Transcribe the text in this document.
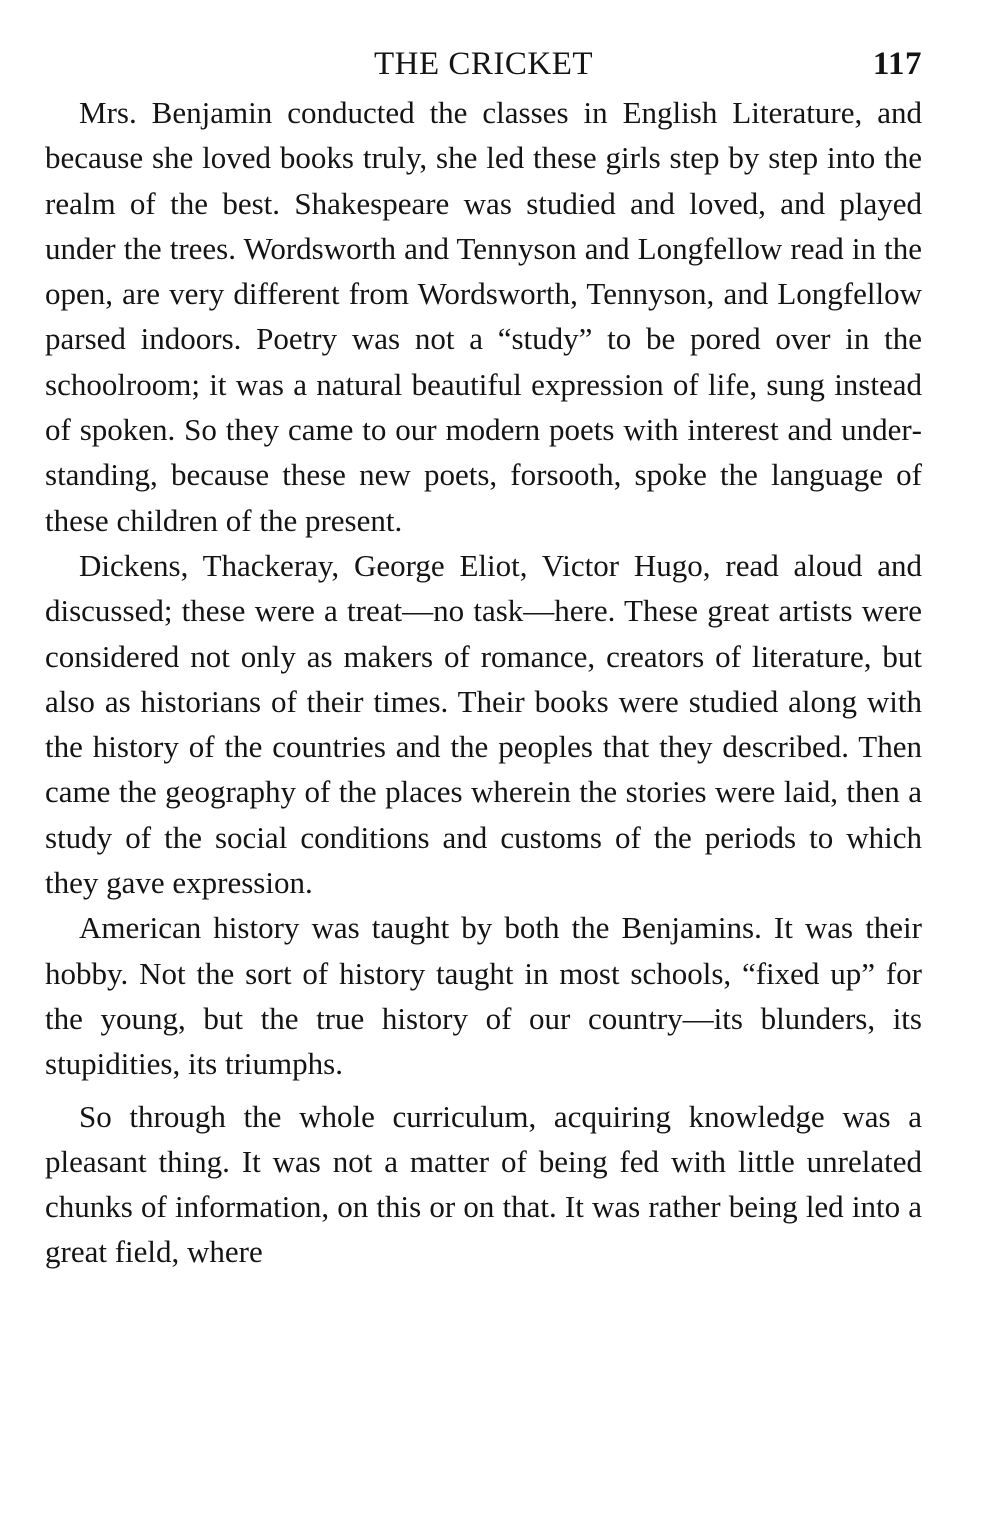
THE CRICKET	117

Mrs. Benjamin conducted the classes in English Literature, and because she loved books truly, she led these girls step by step into the realm of the best. Shakespeare was studied and loved, and played under the trees. Wordsworth and Tennyson and Longfellow read in the open, are very different from Wordsworth, Tennyson, and Longfellow parsed indoors. Poetry was not a “study” to be pored over in the schoolroom; it was a natural beautiful expression of life, sung instead of spoken. So they came to our modern poets with interest and understanding, because these new poets, forsooth, spoke the language of these children of the present.

Dickens, Thackeray, George Eliot, Victor Hugo, read aloud and discussed; these were a treat—no task—here. These great artists were considered not only as makers of romance, creators of literature, but also as historians of their times. Their books were studied along with the history of the countries and the peoples that they described. Then came the geography of the places wherein the stories were laid, then a study of the social conditions and customs of the periods to which they gave expression.

American history was taught by both the Benjamins. It was their hobby. Not the sort of history taught in most schools, “fixed up” for the young, but the true history of our country—its blunders, its stupidities, its triumphs.

So through the whole curriculum, acquiring knowledge was a pleasant thing. It was not a matter of being fed with little unrelated chunks of information, on this or on that. It was rather being led into a great field, where
